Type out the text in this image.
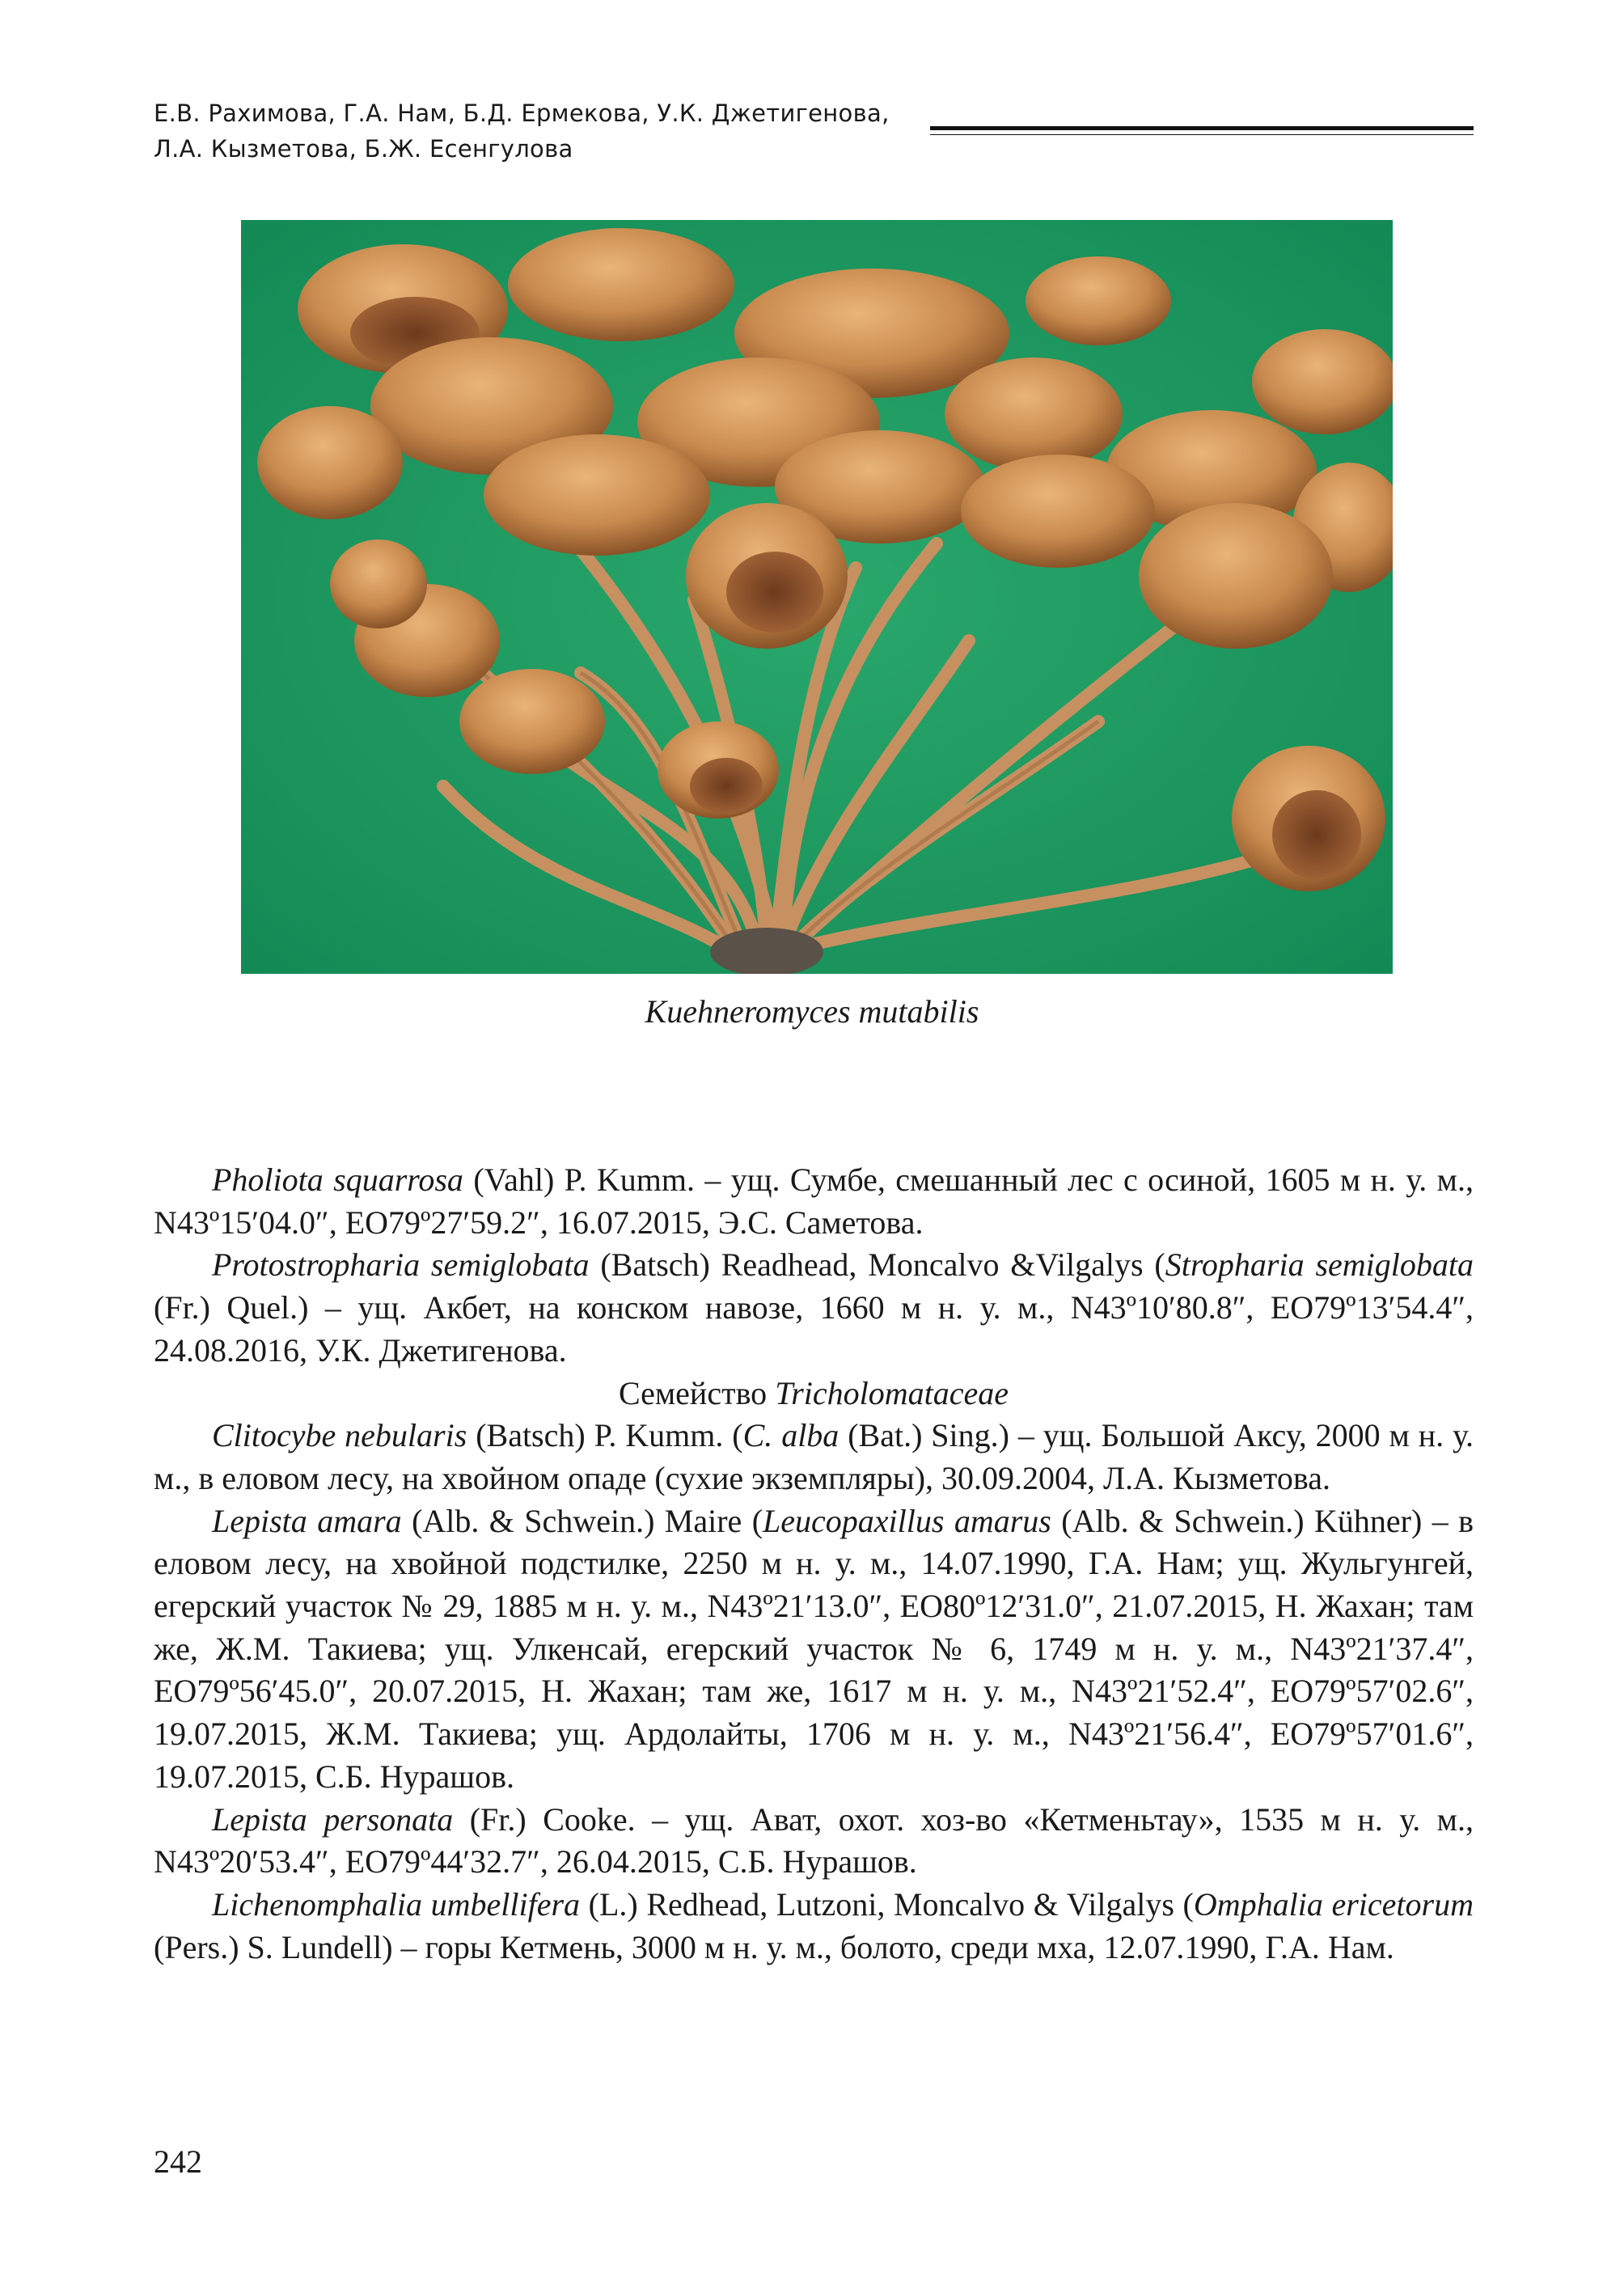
Е.В. Рахимова, Г.А. Нам, Б.Д. Ермекова, У.К. Джетигенова,
Л.А. Кызметова, Б.Ж. Есенгулова
Kuehneromyces mutabilis

Pholiota squarrosa (Vahl) P. Kumm. – ущ. Сумбе, смешанный лес с осиной, 1605 м н. у. м., N43º15′04.0″, EO79º27′59.2″, 16.07.2015, Э.С. Саметова.

Protostropharia semiglobata (Batsch) Readhead, Moncalvo &Vilgalys (Stropharia semiglobata (Fr.) Quel.) – ущ. Акбет, на конском навозе, 1660 м н. у. м., N43º10′80.8″, EO79º13′54.4″, 24.08.2016, У.К. Джетигенова.

Семейство Tricholomataceae

Clitocybe nebularis (Batsch) P. Kumm. (C. alba (Bat.) Sing.) – ущ. Большой Аксу, 2000 м н. у. м., в еловом лесу, на хвойном опаде (сухие экземпляры), 30.09.2004, Л.А. Кызметова.

Lepista amara (Alb. & Schwein.) Maire (Leucopaxillus amarus (Alb. & Schwein.) Kühner) – в еловом лесу, на хвойной подстилке, 2250 м н. у. м., 14.07.1990, Г.А. Нам; ущ. Жульгунгей, егерский участок № 29, 1885 м н. у. м., N43º21′13.0″, EO80º12′31.0″, 21.07.2015, Н. Жахан; там же, Ж.М. Такиева; ущ. Улкенсай, егерский участок № 6, 1749 м н. у. м., N43º21′37.4″, EO79º56′45.0″, 20.07.2015, Н. Жахан; там же, 1617 м н. у. м., N43º21′52.4″, EO79º57′02.6″, 19.07.2015, Ж.М. Такиева; ущ. Ардолайты, 1706 м н. у. м., N43º21′56.4″, EO79º57′01.6″, 19.07.2015, С.Б. Нурашов.

Lepista personata (Fr.) Cooke. – ущ. Ават, охот. хоз-во «Кетменьтау», 1535 м н. у. м., N43º20′53.4″, EO79º44′32.7″, 26.04.2015, С.Б. Нурашов.

Lichenomphalia umbellifera (L.) Redhead, Lutzoni, Moncalvo & Vilgalys (Omphalia ericetorum (Pers.) S. Lundell) – горы Кетмень, 3000 м н. у. м., болото, среди мха, 12.07.1990, Г.А. Нам.

242
